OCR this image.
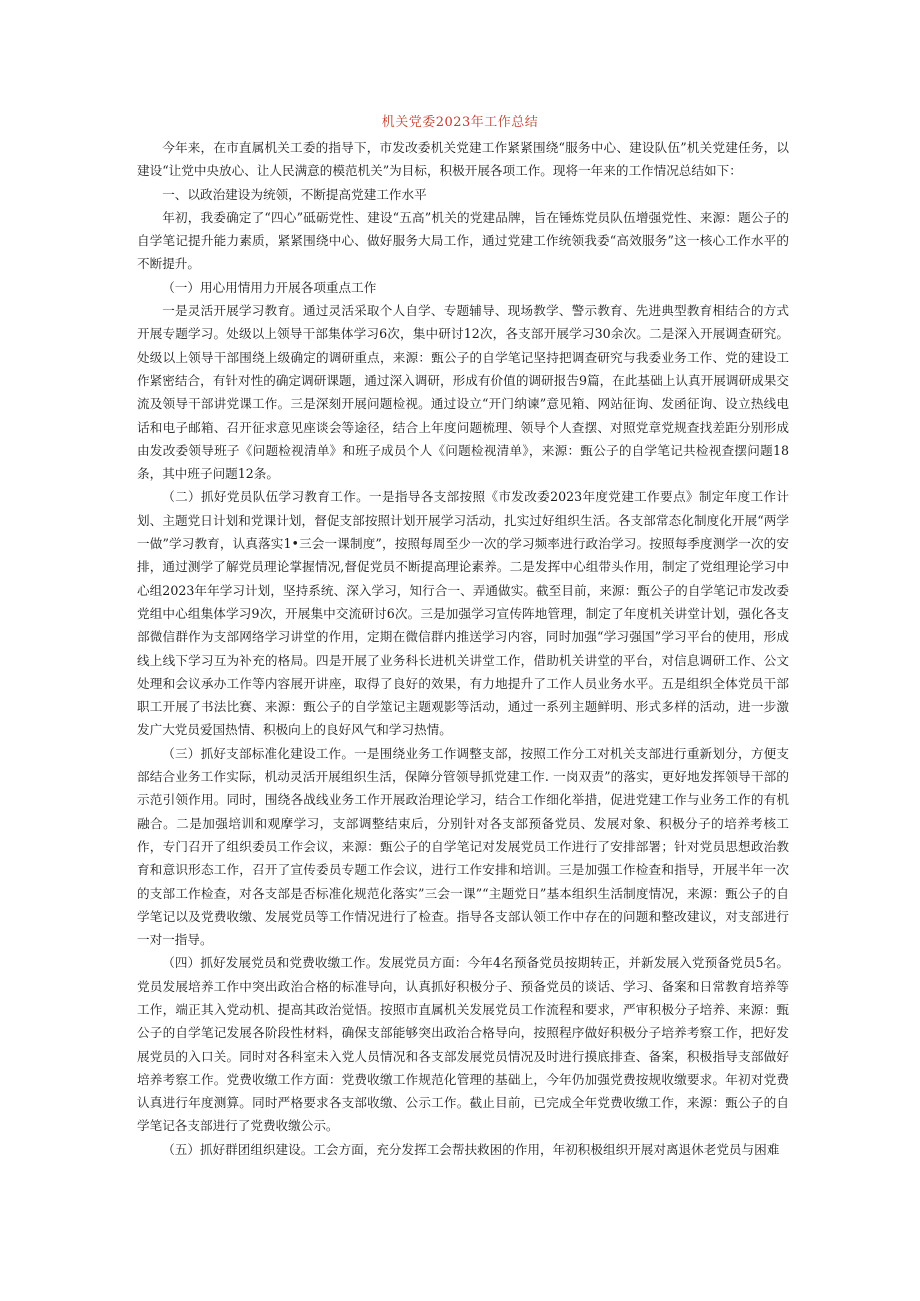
机关党委2023年工作总结

今年来，在市直属机关工委的指导下，市发改委机关党建工作紧紧围绕“服务中心、建设队伍”机关党建任务，以建设“让党中央放心、让人民满意的模范机关”为目标，积极开展各项工作。现将一年来的工作情况总结如下：

一、以政治建设为统领，不断提高党建工作水平

年初，我委确定了“四心”砥砺党性、建设“五高”机关的党建品牌，旨在锤炼党员队伍增强党性、来源：题公子的自学笔记提升能力素质，紧紧围绕中心、做好服务大局工作，通过党建工作统领我委“高效服务”这一核心工作水平的不断提升。

（一）用心用情用力开展各项重点工作

一是灵活开展学习教育。通过灵活采取个人自学、专题辅导、现场教学、警示教育、先进典型教育相结合的方式开展专题学习。处级以上领导干部集体学习6次，集中研讨12次，各支部开展学习30余次。二是深入开展调查研究。处级以上领导干部围绕上级确定的调研重点，来源：甄公子的自学笔记坚持把调查研究与我委业务工作、党的建设工作紧密结合，有针对性的确定调研课题，通过深入调研，形成有价值的调研报告9篇，在此基础上认真开展调研成果交流及领导干部讲党课工作。三是深刻开展问题检视。通过设立“开门纳谏”意见箱、网站征询、发函征询、设立热线电话和电子邮箱、召开征求意见座谈会等途径，结合上年度问题梳理、领导个人查摆、对照党章党规查找差距分别形成由发改委领导班子《问题检视清单》和班子成员个人《问题检视清单》，来源：甄公子的自学笔记共检视查摆问题18条，其中班子问题12条。

（二）抓好党员队伍学习教育工作。一是指导各支部按照《市发改委2023年度党建工作要点》制定年度工作计划、主题党日计划和党课计划，督促支部按照计划开展学习活动，扎实过好组织生活。各支部常态化制度化开展“两学一做”学习教育，认真落实1•三会一课制度”，按照每周至少一次的学习频率进行政治学习。按照每季度测学一次的安排，通过测学了解党员理论掌握情况,督促党员不断提高理论素养。二是发挥中心组带头作用，制定了党组理论学习中心组2023年年学习计划，坚持系统、深入学习，知行合一、弄通做实。截至目前，来源：甄公子的自学笔记市发改委党组中心组集体学习9次，开展集中交流研讨6次。三是加强学习宣传阵地管理，制定了年度机关讲堂计划，强化各支部微信群作为支部网络学习讲堂的作用，定期在微信群内推送学习内容，同时加强“学习强国”学习平台的使用，形成线上线下学习互为补充的格局。四是开展了业务科长进机关讲堂工作，借助机关讲堂的平台，对信息调研工作、公文处理和会议承办工作等内容展开讲座，取得了良好的效果，有力地提升了工作人员业务水平。五是组织全体党员干部职工开展了书法比赛、来源：甄公子的自学筮记主题观影等活动，通过一系列主题鲜明、形式多样的活动，进一步激发广大党员爱国热情、积极向上的良好风气和学习热情。

（三）抓好支部标准化建设工作。一是围绕业务工作调整支部，按照工作分工对机关支部进行重新划分，方便支部结合业务工作实际，机动灵活开展组织生活，保障分管领导抓党建工作. 一岗双责”的落实，更好地发挥领导干部的示范引领作用。同时，围绕各战线业务工作开展政治理论学习，结合工作细化举措，促进党建工作与业务工作的有机融合。二是加强培训和观摩学习，支部调整结束后，分别针对各支部预备党员、发展对象、积极分子的培养考核工作，专门召开了组织委员工作会议，来源：甄公子的自学笔记对发展党员工作进行了安排部署；针对党员思想政治教育和意识形态工作，召开了宣传委员专题工作会议，进行工作安排和培训。三是加强工作检查和指导，开展半年一次的支部工作检查，对各支部是否标准化规范化落实”三会一课”“主题党日”基本组织生活制度情况，来源：甄公子的自学笔记以及党费收缴、发展党员等工作情况进行了检查。指导各支部认领工作中存在的问题和整改建议，对支部进行一对一指导。

（四）抓好发展党员和党费收缴工作。发展党员方面：今年4名预备党员按期转正，并新发展入党预备党员5名。党员发展培养工作中突出政治合格的标准导向，认真抓好积极分子、预备党员的谈话、学习、备案和日常教育培养等工作，端正其入党动机、提高其政治觉悟。按照市直属机关发展党员工作流程和要求，严审积极分子培养、来源：甄公子的自学笔记发展各阶段性材料，确保支部能够突出政治合格导向，按照程序做好积极分子培养考察工作，把好发展党员的入口关。同时对各科室未入党人员情况和各支部发展党员情况及时进行摸底排查、备案，积极指导支部做好培养考察工作。党费收缴工作方面：党费收缴工作规范化管理的基础上，今年仍加强党费按规收缴要求。年初对党费认真进行年度测算。同时严格要求各支部收缴、公示工作。截止目前，已完成全年党费收缴工作，来源：甄公子的自学笔记各支部进行了党费收缴公示。

（五）抓好群团组织建设。工会方面，充分发挥工会帮扶救困的作用，年初积极组织开展对离退休老党员与困难
